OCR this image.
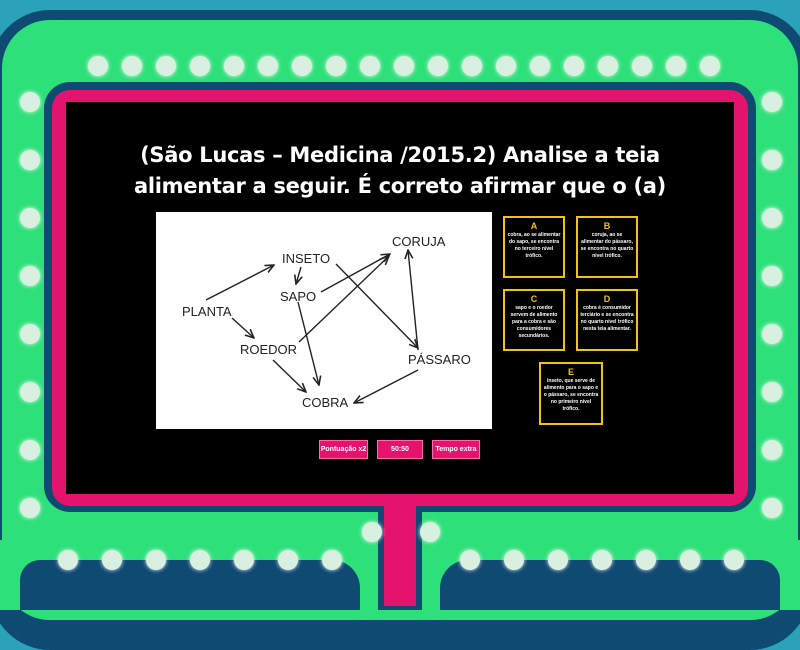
(São Lucas – Medicina /2015.2) Analise a teia alimentar a seguir. É correto afirmar que o (a)
PLANTA
INSETO
SAPO
CORUJA
ROEDOR
PÁSSARO
COBRA
A
cobra, ao se alimentar do sapo, se encontra no terceiro nível trófico.
B
coruja, ao se alimentar do pássaro, se encontra no quarto nível trófico.
C
sapo e o roedor servem de alimento para a cobra e são consumidores secundários.
D
cobra é consumidor terciário e se encontra no quarto nível trófico nesta teia alimentar.
E
inseto, que serve de alimento para o sapo e o pássaro, se encontra no primeiro nível trófico.
Pontuação x2	50:50	Tempo extra
